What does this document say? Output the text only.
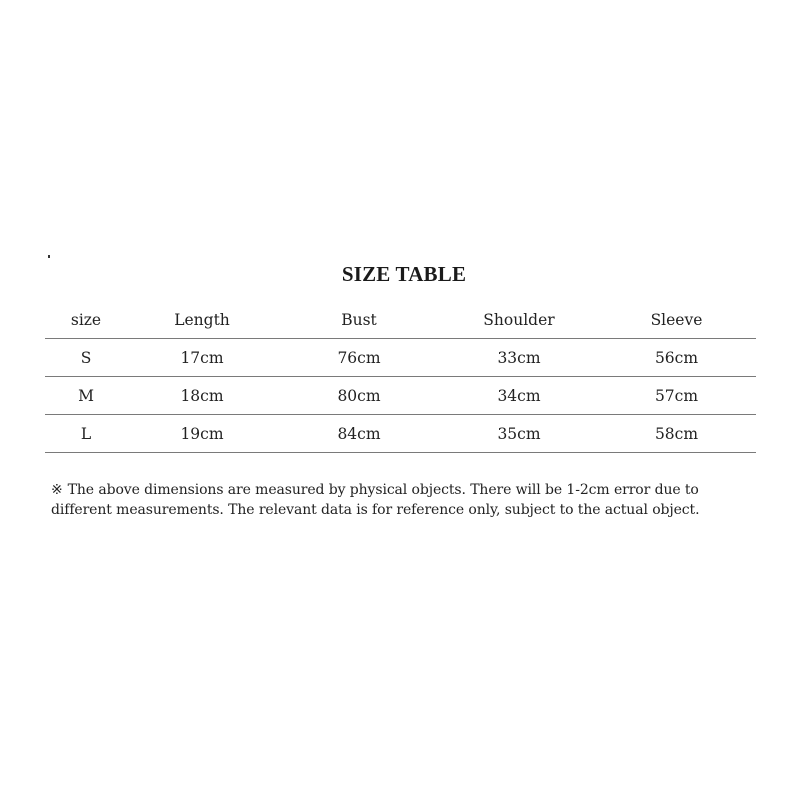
SIZE TABLE
size	Length	Bust	Shoulder	Sleeve
S	17cm	76cm	33cm	56cm
M	18cm	80cm	34cm	57cm
L	19cm	84cm	35cm	58cm
※ The above dimensions are measured by physical objects. There will be 1-2cm error due to different measurements. The relevant data is for reference only, subject to the actual object.
